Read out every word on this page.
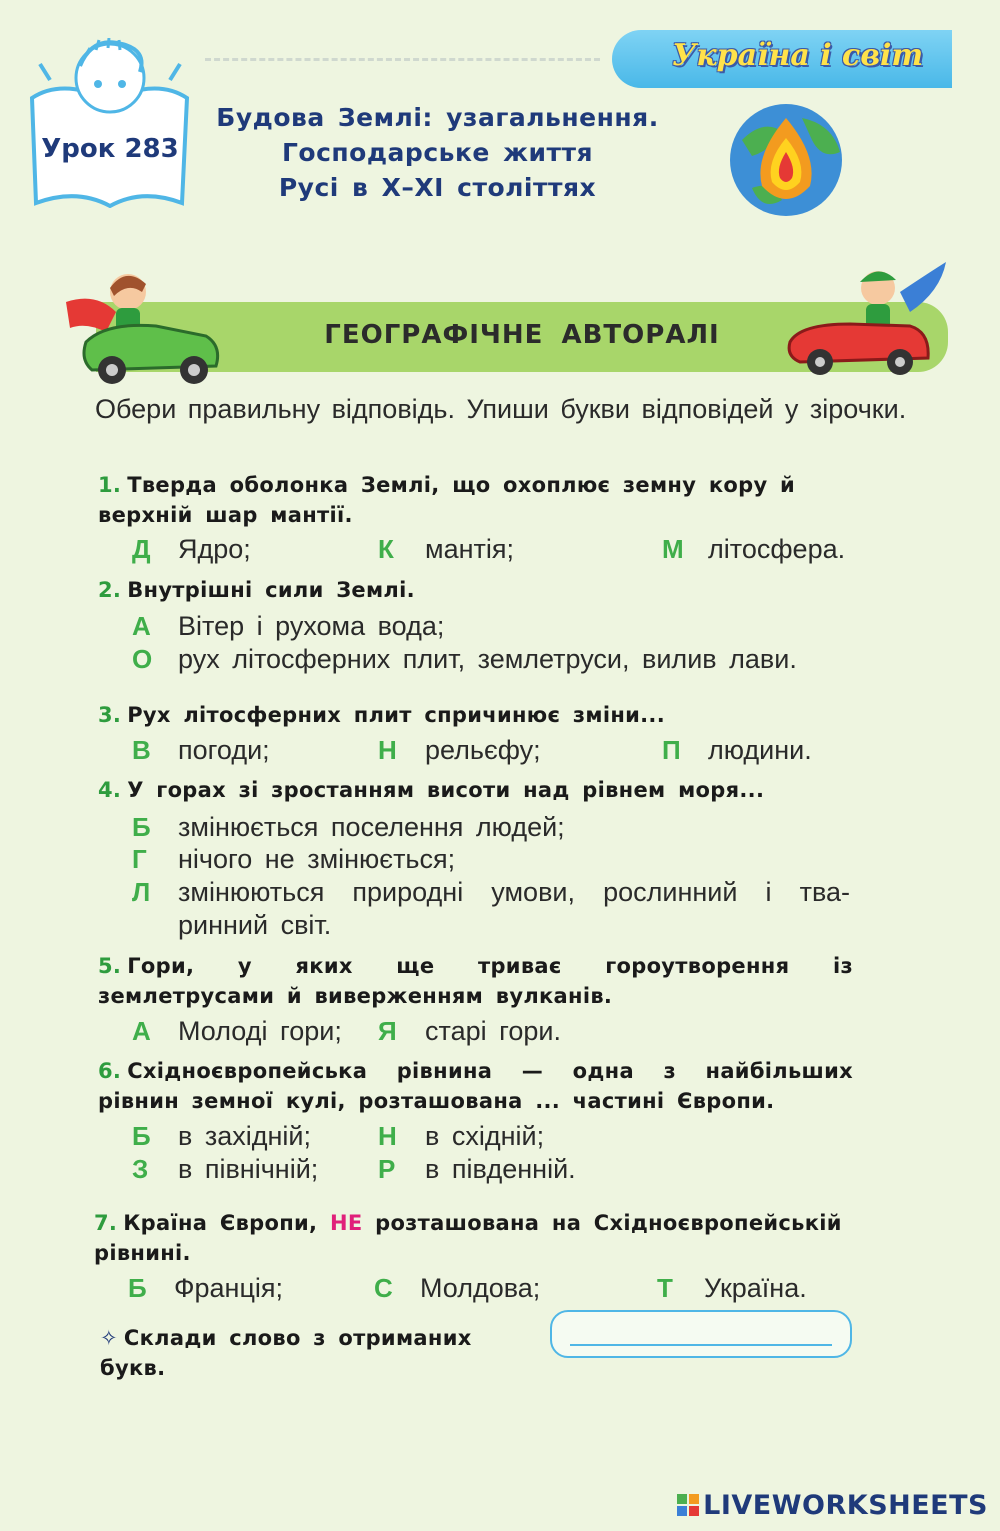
Урок 283
Україна і світ
Будова Землі: узагальнення.
Господарське життя
Русі в Х–ХІ століттях
ГЕОГРАФІЧНЕ АВТОРАЛІ
Обери правильну відповідь. Упиши букви відповідей у зірочки.
1. Тверда оболонка Землі, що охоплює земну кору й верхній шар мантії.
Д Ядро;	К мантія;	М літосфера.
2. Внутрішні сили Землі.
А Вітер і рухома вода;
О рух літосферних плит, землетруси, вилив лави.
3. Рух літосферних плит спричинює зміни...
В погоди;	Н рельєфу;	П людини.
4. У горах зі зростанням висоти над рівнем моря...
Б змінюється поселення людей;
Г нічого не змінюється;
Л змінюються природні умови, рослинний і тва-
ринний світ.
5. Гори, у яких ще триває гороутворення із землетрусами й виверженням вулканів.
А Молоді гори; Я старі гори.
6. Східноєвропейська рівнина — одна з найбільших рівнин земної кулі, розташована ... частині Європи.
Б в західній;	Н в східній;
З в північній; Р в південній.
7. Країна Європи, НЕ розташована на Східноєвропейській рівнині.
Б Франція;	С Молдова;	Т Україна.
✧ Склади слово з отриманих букв.
LIVEWORKSHEETS
